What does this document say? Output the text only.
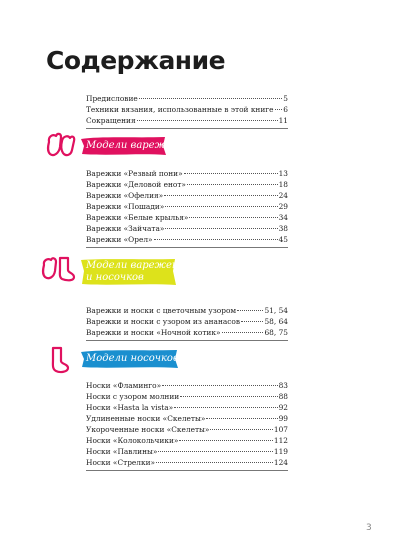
Содержание
Предисловие	5
Техники вязания, использованные в этой книге 6
Сокращения	11
Модели варежек
Варежки «Резвый пони»	13
Варежки «Деловой енот»	18
Варежки «Офелия»	24
Варежки «Пошади»	29
Варежки «Белые крылья»	34
Варежки «Зайчата»	38
Варежки «Орел»	45
Модели варежек
и носочков
Варежки и носки с цветочным узором	51, 54
Варежки и носки с узором из ананасов	58, 64
Варежки и носки «Ночной котик»	68, 75
Модели носочков
Носки «Фламинго»	83
Носки с узором молнии	88
Носки «Hasta la vista»	92
Удлиненные носки «Скелеты»	99
Укороченные носки «Скелеты»	107
Носки «Колокольчики»	112
Носки «Павлины»	119
Носки «Стрелки»	124
3
